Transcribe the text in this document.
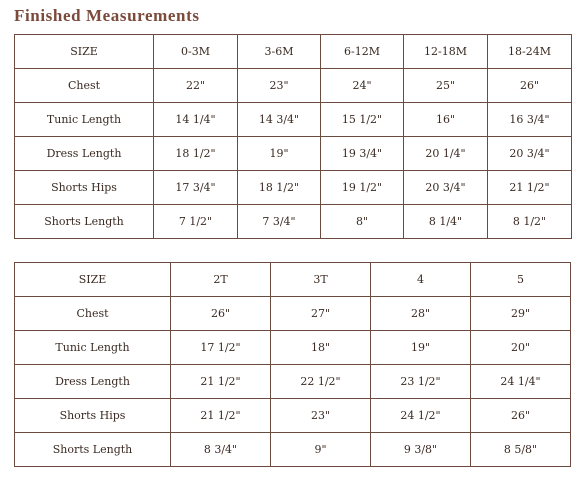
Finished Measurements
SIZE	0-3M	3-6M	6-12M	12-18M	18-24M
Chest	22"	23"	24"	25"	26"
Tunic Length	14 1/4"	14 3/4"	15 1/2"	16"	16 3/4"
Dress Length	18 1/2"	19"	19 3/4"	20 1/4"	20 3/4"
Shorts Hips	17 3/4"	18 1/2"	19 1/2"	20 3/4"	21 1/2"
Shorts Length	7 1/2"	7 3/4"	8"	8 1/4"	8 1/2"
SIZE	2T	3T	4	5
Chest	26"	27"	28"	29"
Tunic Length	17 1/2"	18"	19"	20"
Dress Length	21 1/2"	22 1/2"	23 1/2"	24 1/4"
Shorts Hips	21 1/2"	23"	24 1/2"	26"
Shorts Length	8 3/4"	9"	9 3/8"	8 5/8"
